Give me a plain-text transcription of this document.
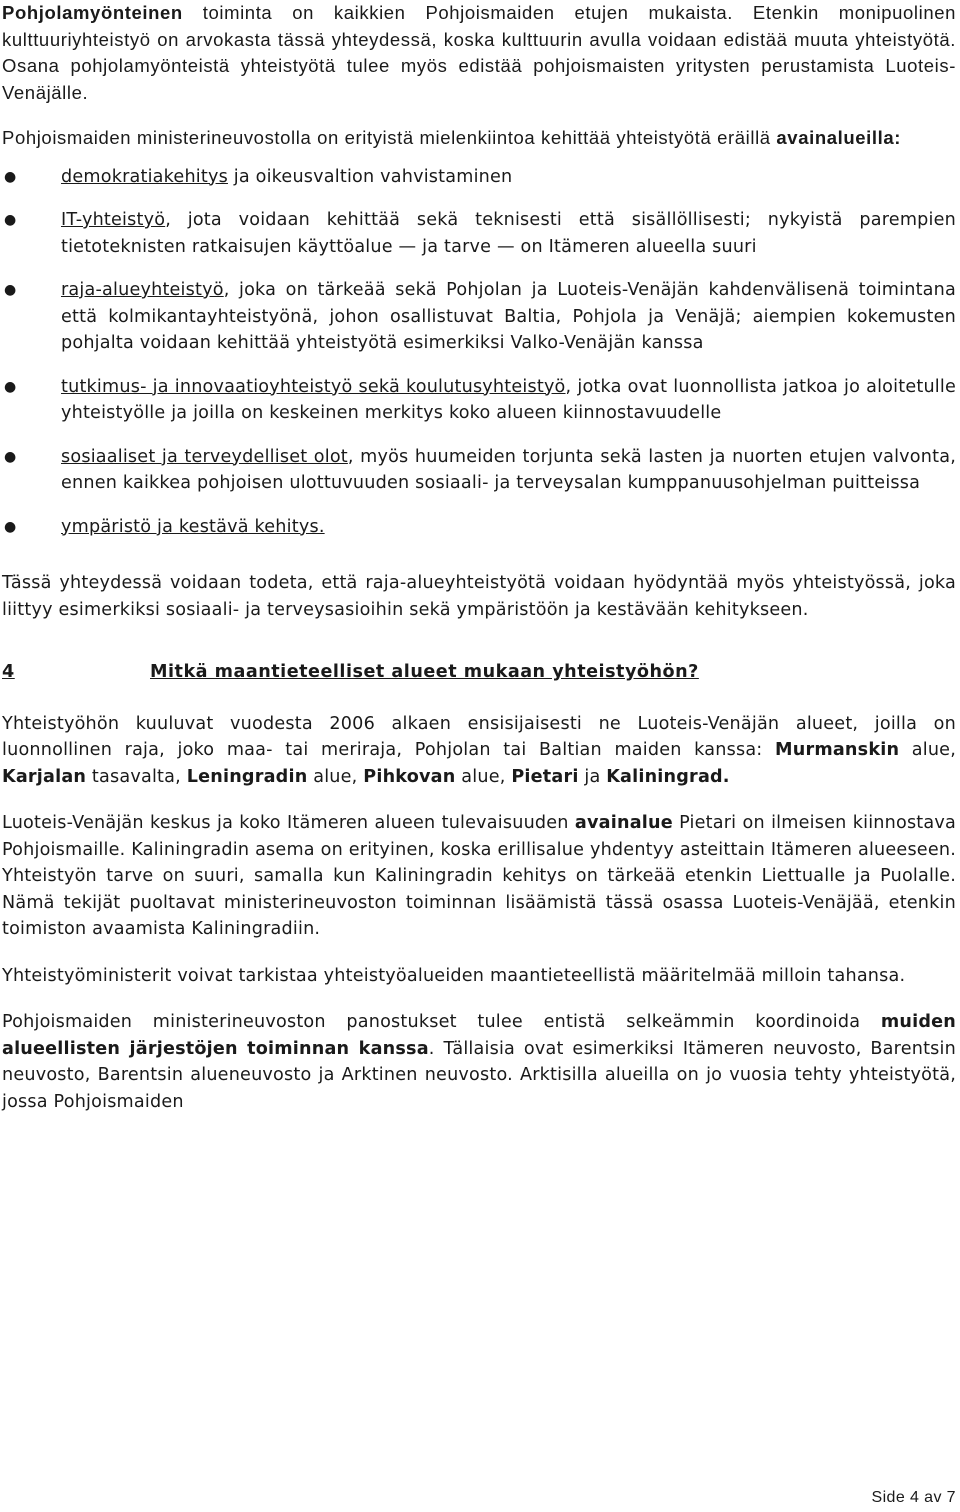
Pohjolamyönteinen toiminta on kaikkien Pohjoismaiden etujen mukaista. Etenkin monipuolinen kulttuuriyhteistyö on arvokasta tässä yhteydessä, koska kulttuurin avulla voidaan edistää muuta yhteistyötä. Osana pohjolamyönteistä yhteistyötä tulee myös edistää pohjoismaisten yritysten perustamista Luoteis-Venäjälle.

Pohjoismaiden ministerineuvostolla on erityistä mielenkiintoa kehittää yhteistyötä eräillä avainalueilla:

●	demokratiakehitys ja oikeusvaltion vahvistaminen
●	IT-yhteistyö, jota voidaan kehittää sekä teknisesti että sisällöllisesti; nykyistä parempien tietoteknisten ratkaisujen käyttöalue — ja tarve — on Itämeren alueella suuri
●	raja-alueyhteistyö, joka on tärkeää sekä Pohjolan ja Luoteis-Venäjän kahdenvälisenä toimintana että kolmikantayhteistyönä, johon osallistuvat Baltia, Pohjola ja Venäjä; aiempien kokemusten pohjalta voidaan kehittää yhteistyötä esimerkiksi Valko-Venäjän kanssa
●	tutkimus- ja innovaatioyhteistyö sekä koulutusyhteistyö, jotka ovat luonnollista jatkoa jo aloitetulle yhteistyölle ja joilla on keskeinen merkitys koko alueen kiinnostavuudelle
●	sosiaaliset ja terveydelliset olot, myös huumeiden torjunta sekä lasten ja nuorten etujen valvonta, ennen kaikkea pohjoisen ulottuvuuden sosiaali- ja terveysalan kumppanuusohjelman puitteissa
●	ympäristö ja kestävä kehitys.

Tässä yhteydessä voidaan todeta, että raja-alueyhteistyötä voidaan hyödyntää myös yhteistyössä, joka liittyy esimerkiksi sosiaali- ja terveysasioihin sekä ympäristöön ja kestävään kehitykseen.

4	Mitkä maantieteelliset alueet mukaan yhteistyöhön?

Yhteistyöhön kuuluvat vuodesta 2006 alkaen ensisijaisesti ne Luoteis-Venäjän alueet, joilla on luonnollinen raja, joko maa- tai meriraja, Pohjolan tai Baltian maiden kanssa: Murmanskin alue, Karjalan tasavalta, Leningradin alue, Pihkovan alue, Pietari ja Kaliningrad.

Luoteis-Venäjän keskus ja koko Itämeren alueen tulevaisuuden avainalue Pietari on ilmeisen kiinnostava Pohjoismaille. Kaliningradin asema on erityinen, koska erillisalue yhdentyy asteittain Itämeren alueeseen. Yhteistyön tarve on suuri, samalla kun Kaliningradin kehitys on tärkeää etenkin Liettualle ja Puolalle. Nämä tekijät puoltavat ministerineuvoston toiminnan lisäämistä tässä osassa Luoteis-Venäjää, etenkin toimiston avaamista Kaliningradiin.

Yhteistyöministerit voivat tarkistaa yhteistyöalueiden maantieteellistä määritelmää milloin tahansa.

Pohjoismaiden ministerineuvoston panostukset tulee entistä selkeämmin koordinoida muiden alueellisten järjestöjen toiminnan kanssa. Tällaisia ovat esimerkiksi Itämeren neuvosto, Barentsin neuvosto, Barentsin alueneuvosto ja Arktinen neuvosto. Arktisilla alueilla on jo vuosia tehty yhteistyötä, jossa Pohjoismaiden

Side 4 av 7
